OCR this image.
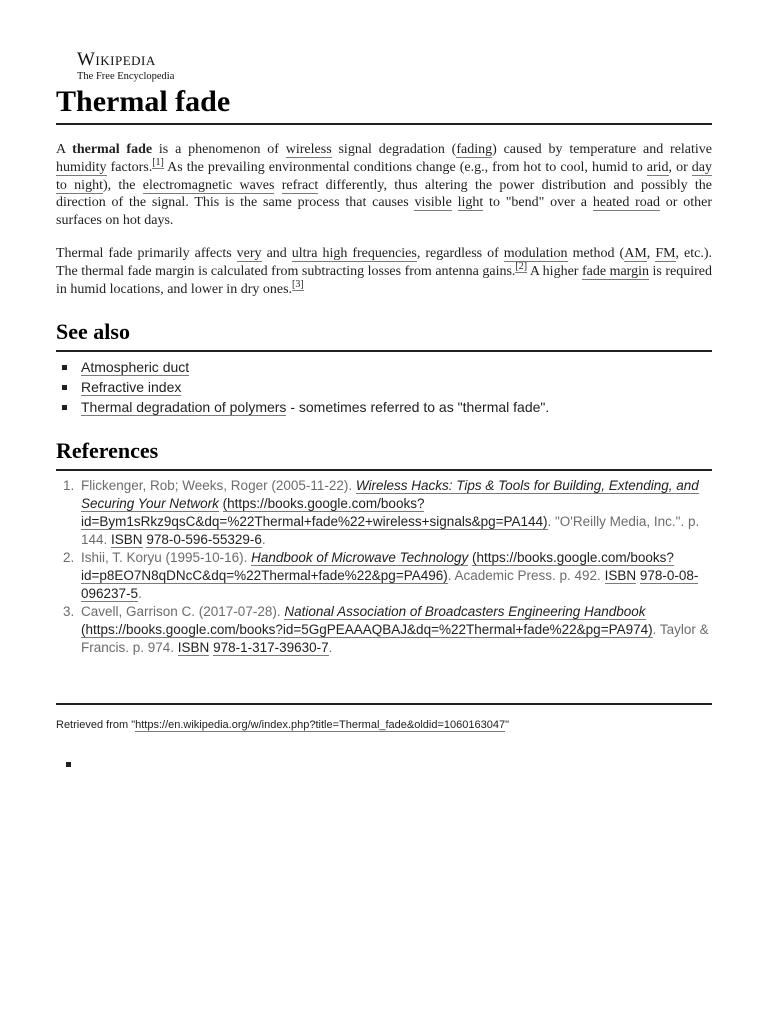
Wikipedia
The Free Encyclopedia
Thermal fade

A thermal fade is a phenomenon of wireless signal degradation (fading) caused by temperature and relative humidity factors.[1] As the prevailing environmental conditions change (e.g., from hot to cool, humid to arid, or day to night), the electromagnetic waves refract differently, thus altering the power distribution and possibly the direction of the signal. This is the same process that causes visible light to "bend" over a heated road or other surfaces on hot days.

Thermal fade primarily affects very and ultra high frequencies, regardless of modulation method (AM, FM, etc.). The thermal fade margin is calculated from subtracting losses from antenna gains.[2] A higher fade margin is required in humid locations, and lower in dry ones.[3]

See also
Atmospheric duct
Refractive index
Thermal degradation of polymers - sometimes referred to as "thermal fade".
References
1. Flickenger, Rob; Weeks, Roger (2005-11-22). Wireless Hacks: Tips & Tools for Building, Extending, and Securing Your Network (https://books.google.com/books?id=Bym1sRkz9qsC&dq=%22Thermal+fade%22+wireless+signals&pg=PA144). "O'Reilly Media, Inc.". p. 144. ISBN 978-0-596-55329-6.
2. Ishii, T. Koryu (1995-10-16). Handbook of Microwave Technology (https://books.google.com/books?id=p8EO7N8qDNcC&dq=%22Thermal+fade%22&pg=PA496). Academic Press. p. 492. ISBN 978-0-08-096237-5.
3. Cavell, Garrison C. (2017-07-28). National Association of Broadcasters Engineering Handbook (https://books.google.com/books?id=5GgPEAAAQBAJ&dq=%22Thermal+fade%22&pg=PA974). Taylor & Francis. p. 974. ISBN 978-1-317-39630-7.
Retrieved from "https://en.wikipedia.org/w/index.php?title=Thermal_fade&oldid=1060163047"
